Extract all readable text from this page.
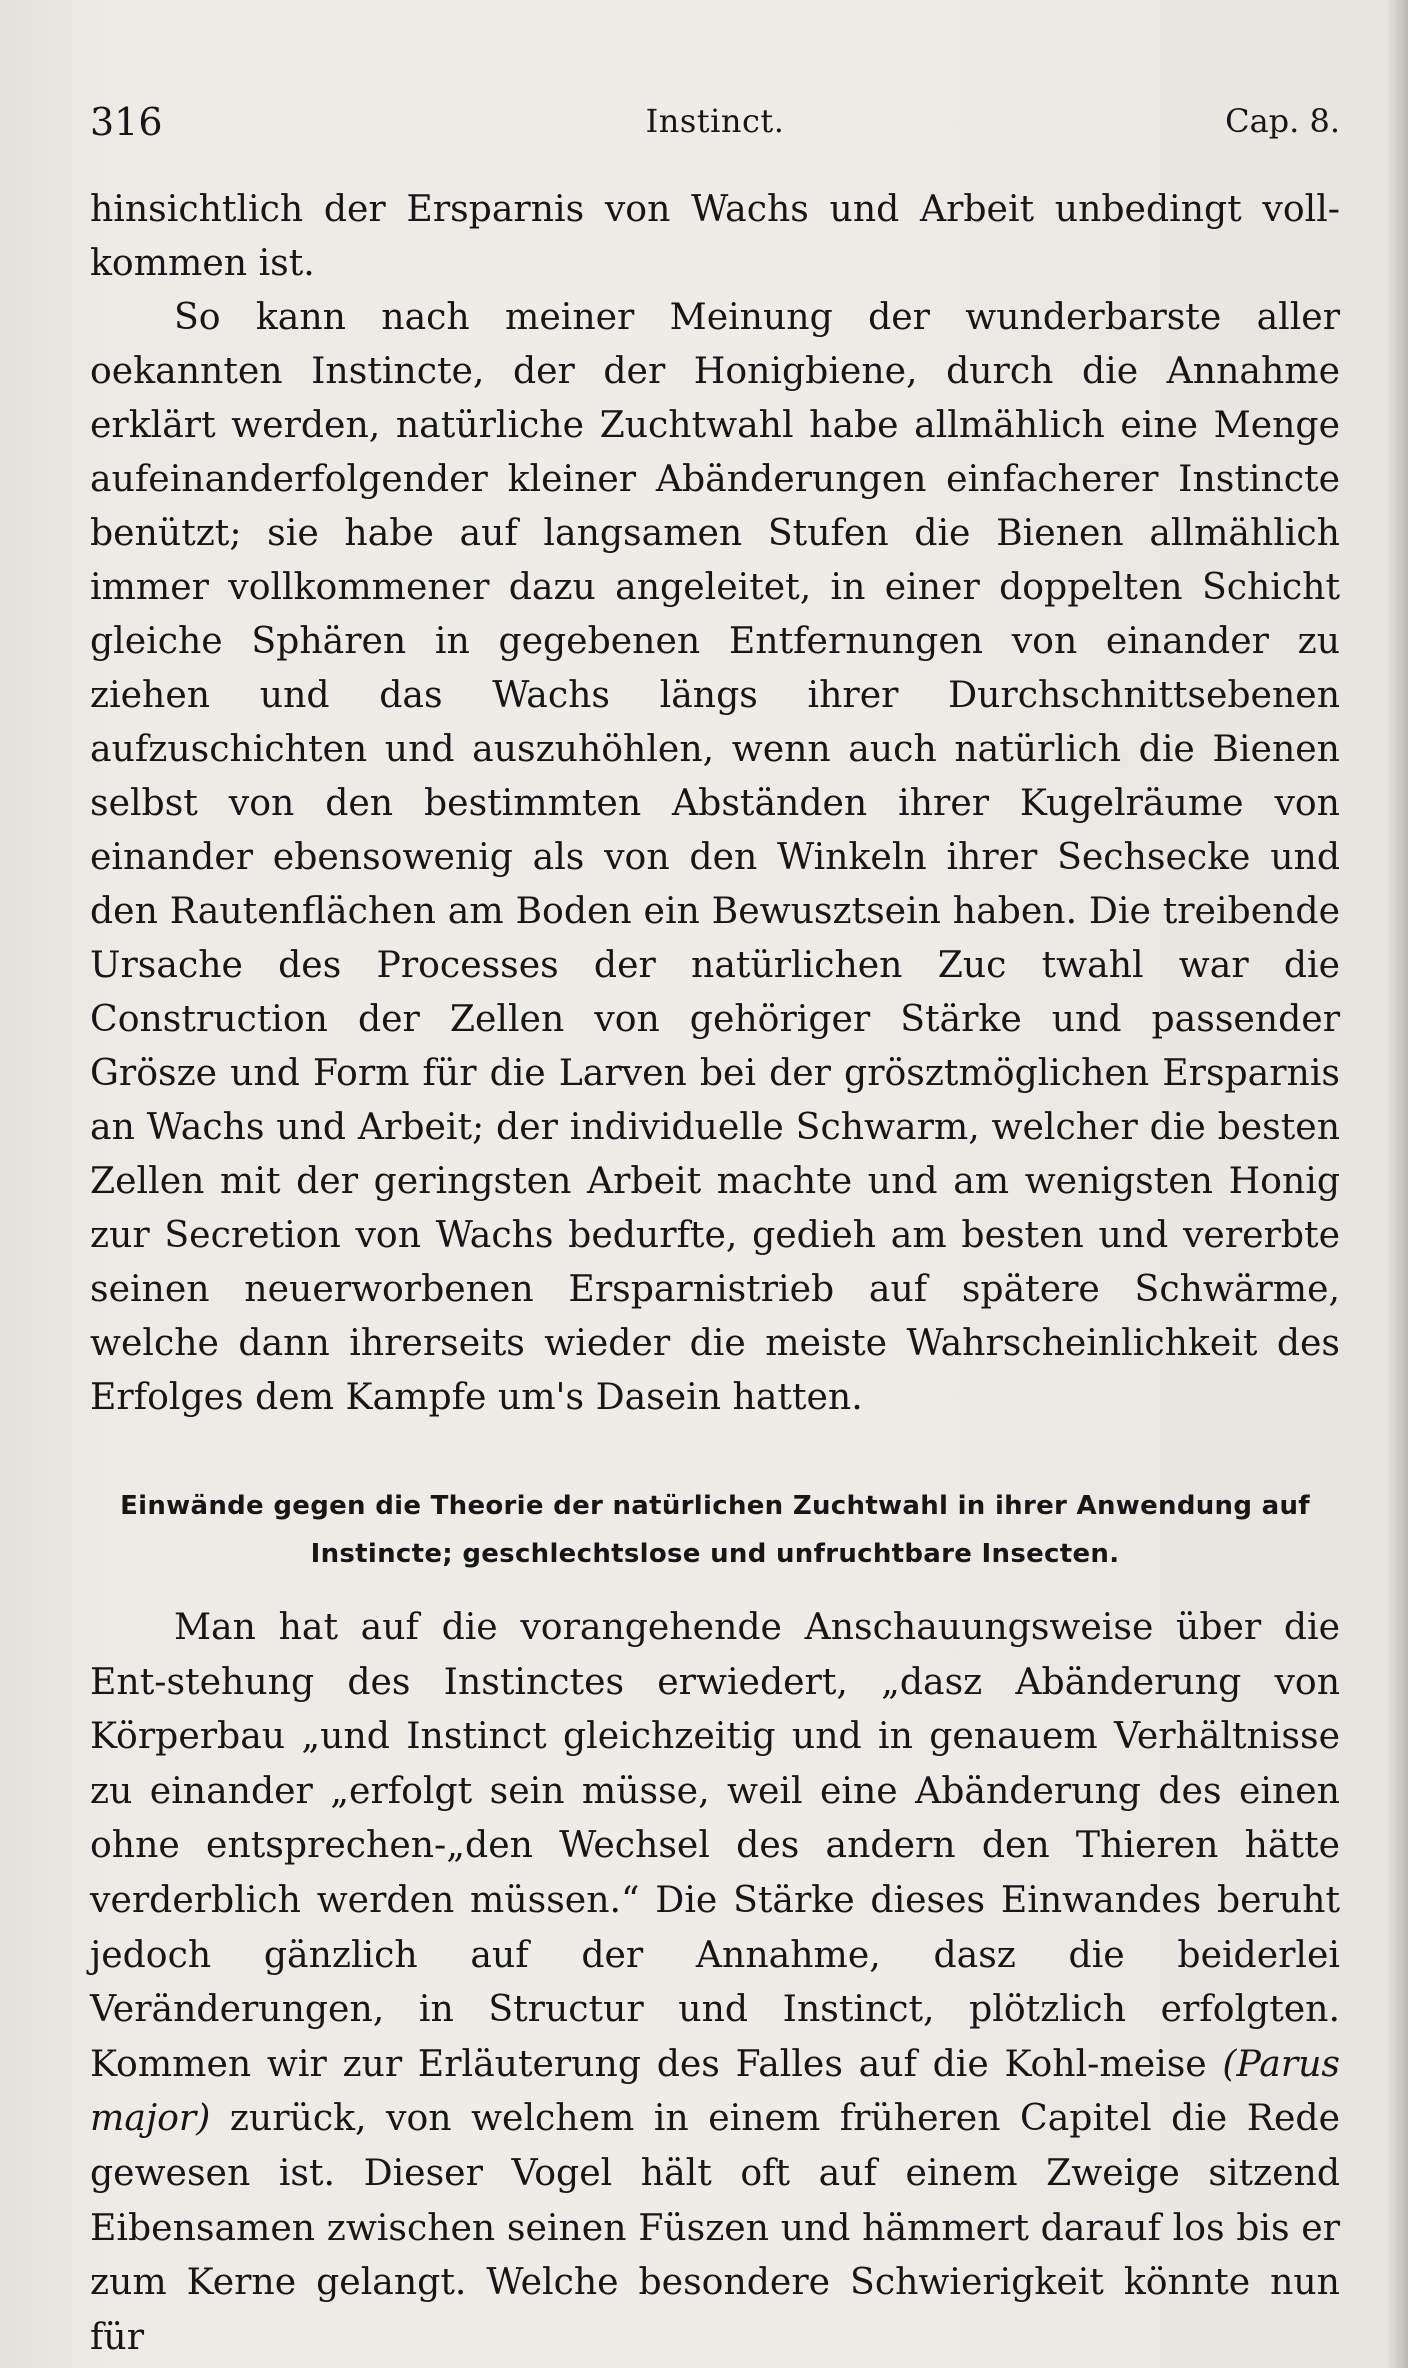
316	Instinct.	Cap. 8.

hinsichtlich der Ersparnis von Wachs und Arbeit unbedingt voll-kommen ist.

So kann nach meiner Meinung der wunderbarste aller oekannten Instincte, der der Honigbiene, durch die Annahme erklärt werden, natürliche Zuchtwahl habe allmählich eine Menge aufeinanderfolgender kleiner Abänderungen einfacherer Instincte benützt; sie habe auf langsamen Stufen die Bienen allmählich immer vollkommener dazu angeleitet, in einer doppelten Schicht gleiche Sphären in gegebenen Entfernungen von einander zu ziehen und das Wachs längs ihrer Durchschnittsebenen aufzuschichten und auszuhöhlen, wenn auch natürlich die Bienen selbst von den bestimmten Abständen ihrer Kugelräume von einander ebensowenig als von den Winkeln ihrer Sechsecke und den Rautenflächen am Boden ein Bewusztsein haben. Die treibende Ursache des Processes der natürlichen Zuc twahl war die Construction der Zellen von gehöriger Stärke und passender Grösze und Form für die Larven bei der grösztmöglichen Ersparnis an Wachs und Arbeit; der individuelle Schwarm, welcher die besten Zellen mit der geringsten Arbeit machte und am wenigsten Honig zur Secretion von Wachs bedurfte, gedieh am besten und vererbte seinen neuerworbenen Ersparnistrieb auf spätere Schwärme, welche dann ihrerseits wieder die meiste Wahrscheinlichkeit des Erfolges dem Kampfe um's Dasein hatten.

Einwände gegen die Theorie der natürlichen Zuchtwahl in ihrer Anwendung auf
Instincte; geschlechtslose und unfruchtbare Insecten.

Man hat auf die vorangehende Anschauungsweise über die Ent-stehung des Instinctes erwiedert, „dasz Abänderung von Körperbau „und Instinct gleichzeitig und in genauem Verhältnisse zu einander „erfolgt sein müsse, weil eine Abänderung des einen ohne entsprechen-„den Wechsel des andern den Thieren hätte verderblich werden müssen.“ Die Stärke dieses Einwandes beruht jedoch gänzlich auf der Annahme, dasz die beiderlei Veränderungen, in Structur und Instinct, plötzlich erfolgten. Kommen wir zur Erläuterung des Falles auf die Kohl-meise (Parus major) zurück, von welchem in einem früheren Capitel die Rede gewesen ist. Dieser Vogel hält oft auf einem Zweige sitzend Eibensamen zwischen seinen Füszen und hämmert darauf los bis er zum Kerne gelangt. Welche besondere Schwierigkeit könnte nun für
